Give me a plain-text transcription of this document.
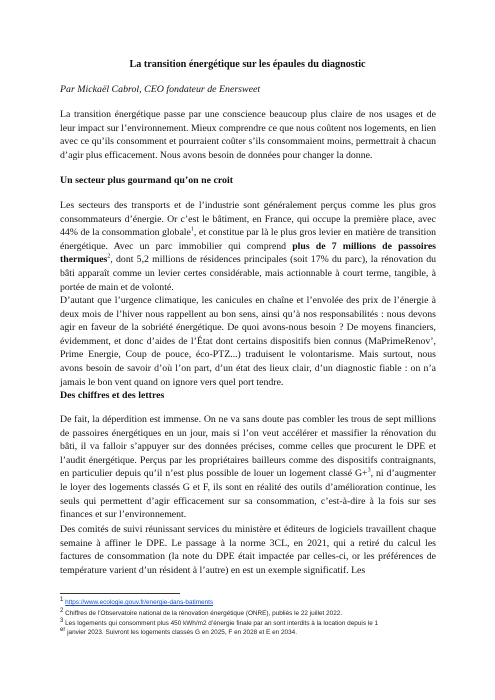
La transition énergétique sur les épaules du diagnostic
Par Mickaël Cabrol, CEO fondateur de Enersweet
La transition énergétique passe par une conscience beaucoup plus claire de nos usages et de leur impact sur l’environnement. Mieux comprendre ce que nous coûtent nos logements, en lien avec ce qu’ils consomment et pourraient coûter s’ils consommaient moins, permettrait à chacun d’agir plus efficacement. Nous avons besoin de données pour changer la donne.
Un secteur plus gourmand qu’on ne croit
Les secteurs des transports et de l’industrie sont généralement perçus comme les plus gros consommateurs d’énergie. Or c’est le bâtiment, en France, qui occupe la première place, avec 44% de la consommation globale$^1$, et constitue par là le plus gros levier en matière de transition énergétique. Avec un parc immobilier qui comprend plus de 7 millions de passoires thermiques$^2$, dont 5,2 millions de résidences principales (soit 17% du parc), la rénovation du bâti apparaît comme un levier certes considérable, mais actionnable à court terme, tangible, à portée de main et de volonté.
D’autant que l’urgence climatique, les canicules en chaîne et l’envolée des prix de l’énergie à deux mois de l’hiver nous rappellent au bon sens, ainsi qu’à nos responsabilités : nous devons agir en faveur de la sobriété énergétique. De quoi avons-nous besoin ? De moyens financiers, évidemment, et donc d’aides de l’État dont certains dispositifs bien connus (MaPrimeRenov’, Prime Energie, Coup de pouce, éco-PTZ...) traduisent le volontarisme. Mais surtout, nous avons besoin de savoir d’où l’on part, d’un état des lieux clair, d’un diagnostic fiable : on n’a jamais le bon vent quand on ignore vers quel port tendre.
Des chiffres et des lettres
De fait, la déperdition est immense. On ne va sans doute pas combler les trous de sept millions de passoires énergétiques en un jour, mais si l’on veut accélérer et massifier la rénovation du bâti, il va falloir s’appuyer sur des données précises, comme celles que procurent le DPE et l’audit énergétique. Perçus par les propriétaires bailleurs comme des dispositifs contraignants, en particulier depuis qu’il n’est plus possible de louer un logement classé G+$^3$, ni d’augmenter le loyer des logements classés G et F, ils sont en réalité des outils d’amélioration continue, les seuls qui permettent d’agir efficacement sur sa consommation, c’est-à-dire à la fois sur ses finances et sur l’environnement.
Des comités de suivi réunissant services du ministère et éditeurs de logiciels travaillent chaque semaine à affiner le DPE. Le passage à la norme 3CL, en 2021, qui a retiré du calcul les factures de consommation (la note du DPE était impactée par celles-ci, or les préférences de température varient d’un résident à l’autre) en est un exemple significatif. Les
$^1$ https://www.ecologie.gouv.fr/energie-dans-batiments
$^2$ Chiffres de l’Observatoire national de la rénovation énergétique (ONRE), publiés le 22 juillet 2022.
$^3$ Les logements qui consomment plus 450 kWh/m2 d’énergie finale par an sont interdits à la location depuis le 1
$^{er}$ janvier 2023. Suivront les logements classés G en 2025, F en 2028 et E en 2034.
